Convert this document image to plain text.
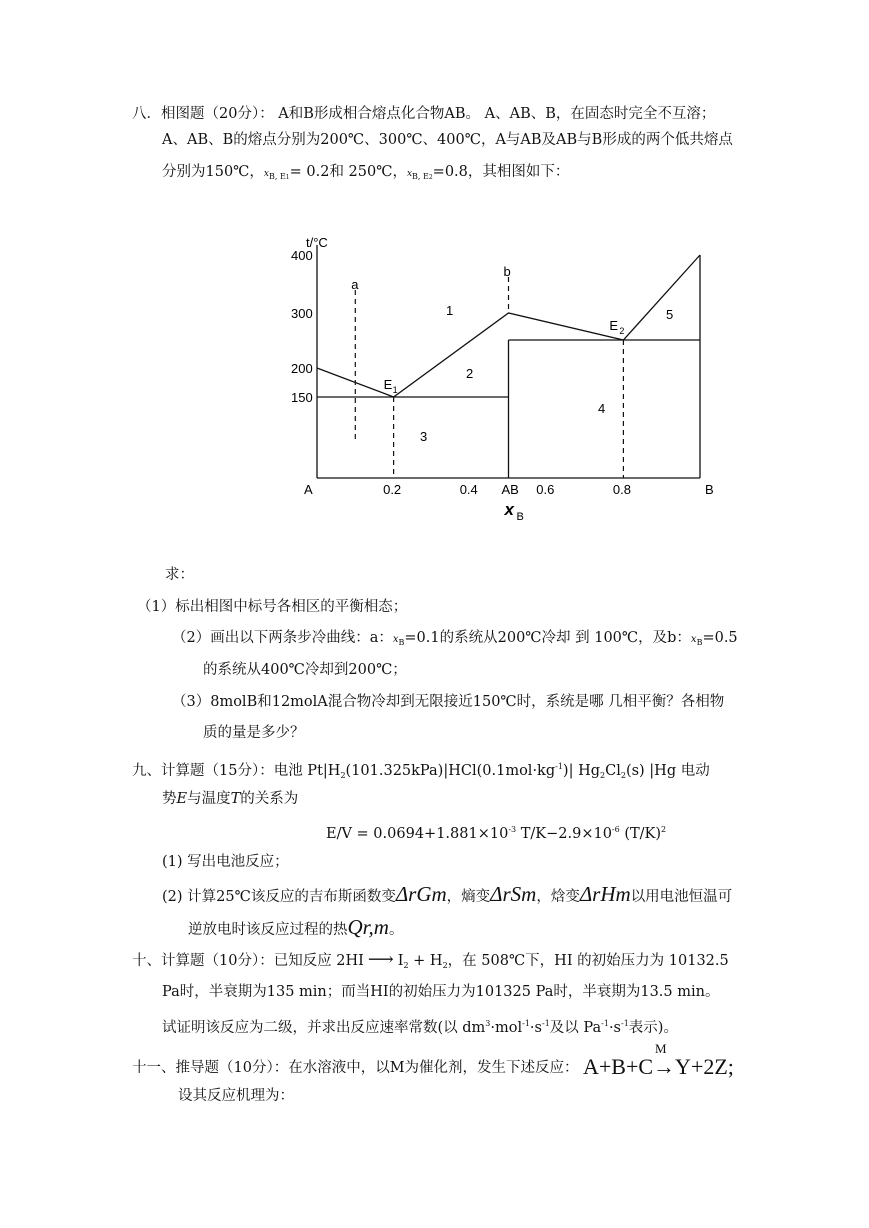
八．相图题（20分）： A和B形成相合熔点化合物AB。 A、AB、B，在固态时完全不互溶；
A、AB、B的熔点分别为200℃、300℃、400℃，A与AB及AB与B形成的两个低共熔点
分别为150℃，$x_{B, E1}= 0.2$和 250℃，$x_{B, E2}=0.8$，其相图如下：
t/°C
400
300
200
150
A	0.2	0.4 AB 0.6	0.8	B
x B
E 1
E 2
a
b
1
2
3
4
5
求：
（1）标出相图中标号各相区的平衡相态；
（2）画出以下两条步冷曲线：a：$x_B=0.1$的系统从200℃冷却 到 100℃，及b：$x_B=0.5$
的系统从400℃冷却到200℃；
（3）8molB和12molA混合物冷却到无限接近150℃时，系统是哪 几相平衡？各相物
质的量是多少？
九、计算题（15分）：电池 $Pt|H_2(101.325kPa)|HCl(0.1mol\cdot kg^{-1})|$ $Hg_2Cl_2(s)$ |Hg 电动
势E与温度T的关系为
$E/V = 0.0694+1.881\times 10^{-3}$ $T/K-2.9\times 10^{-6}$ $(T/K)^2$
(1) 写出电池反应；
(2) 计算25℃该反应的吉布斯函数变ΔrGm，熵变ΔrSm，焓变ΔrHm以用电池恒温可
逆放电时该反应过程的热Qr,m。
十、计算题（10分）：已知反应 2HI ⟶ $I_2 + H_2$，在 508℃下，HI 的初始压力为 10132.5
Pa时，半衰期为135 min；而当HI的初始压力为101325 Pa时，半衰期为13.5 min。
试证明该反应为二级，并求出反应速率常数(以 $dm^3\cdot mol^{-1}\cdot s^{-1}$及以 $Pa^{-1}\cdot s^{-1}$表示)。
十一、推导题（10分）：在水溶液中，以M为催化剂，发生下述反应：
M
A+B+C→Y+2Z;
设其反应机理为：
